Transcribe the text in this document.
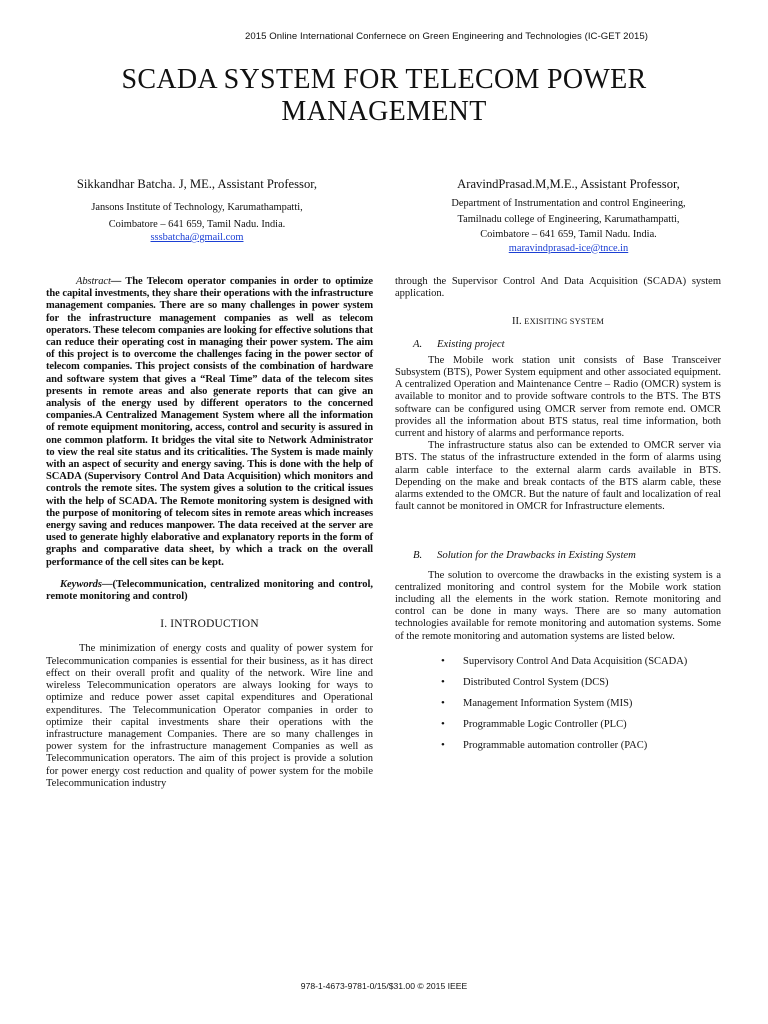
2015 Online International Confernece on Green Engineering and Technologies (IC-GET 2015)
SCADA SYSTEM FOR TELECOM POWER
MANAGEMENT
Sikkandhar Batcha. J, ME., Assistant Professor,
Jansons Institute of Technology, Karumathampatti,
Coimbatore – 641 659, Tamil Nadu. India.
sssbatcha@gmail.com
AravindPrasad.M,M.E., Assistant Professor,
Department of Instrumentation and control Engineering,
Tamilnadu college of Engineering, Karumathampatti,
Coimbatore – 641 659, Tamil Nadu. India.
maravindprasad-ice@tnce.in

Abstract— The Telecom operator companies in order to optimize the capital investments, they share their operations with the infrastructure management companies. There are so many challenges in power system for the infrastructure management companies as well as telecom operators. These telecom companies are looking for effective solutions that can reduce their operating cost in managing their power system. The aim of this project is to overcome the challenges facing in the power sector of telecom companies. This project consists of the combination of hardware and software system that gives a “Real Time” data of the telecom sites presents in remote areas and also generate reports that can give an analysis of the energy used by different operators to the concerned companies.A Centralized Management System where all the information of remote equipment monitoring, access, control and security is assured in one common platform. It bridges the vital site to Network Administrator to view the real site status and its criticalities. The System is made mainly with an aspect of security and energy saving. This is done with the help of SCADA (Supervisory Control And Data Acquisition) which monitors and controls the remote sites. The system gives a solution to the critical issues with the help of SCADA. The Remote monitoring system is designed with the purpose of monitoring of telecom sites in remote areas which increases energy saving and reduces manpower. The data received at the server are used to generate highly elaborative and explanatory reports in the form of graphs and comparative data sheet, by which a track on the overall performance of the cell sites can be kept.

Keywords—(Telecommunication, centralized monitoring and control, remote monitoring and control)

I. INTRODUCTION

The minimization of energy costs and quality of power system for Telecommunication companies is essential for their business, as it has direct effect on their overall profit and quality of the network. Wire line and wireless Telecommunication operators are always looking for ways to optimize and reduce power asset capital expenditures and Operational expenditures. The Telecommunication Operator companies in order to optimize their capital investments share their operations with the infrastructure management Companies. There are so many challenges in power system for the infrastructure management Companies as well as Telecommunication operators. The aim of this project is provide a solution for power energy cost reduction and quality of power system for the mobile Telecommunication industry

through the Supervisor Control And Data Acquisition (SCADA) system application.

II. EXISITING SYSTEM
A. Existing project

The Mobile work station unit consists of Base Transceiver Subsystem (BTS), Power System equipment and other associated equipment. A centralized Operation and Maintenance Centre – Radio (OMCR) system is available to monitor and to provide software controls to the BTS. The BTS software can be configured using OMCR server from remote end. OMCR provides all the information about BTS status, real time information, both current and history of alarms and performance reports.

The infrastructure status also can be extended to OMCR server via BTS. The status of the infrastructure extended in the form of alarms using alarm cable interface to the external alarm cards available in BTS. Depending on the make and break contacts of the BTS alarm cable, these alarms extended to the OMCR. But the nature of fault and localization of real fault cannot be monitored in OMCR for Infrastructure elements.

B. Solution for the Drawbacks in Existing System

The solution to overcome the drawbacks in the existing system is a centralized monitoring and control system for the Mobile work station including all the elements in the work station. Remote monitoring and control can be done in many ways. There are so many automation technologies available for remote monitoring and automation systems. Some of the remote monitoring and automation systems are listed below.

• Supervisory Control And Data Acquisition (SCADA)
• Distributed Control System (DCS)
• Management Information System (MIS)
• Programmable Logic Controller (PLC)
• Programmable automation controller (PAC)
978-1-4673-9781-0/15/$31.00 © 2015 IEEE
